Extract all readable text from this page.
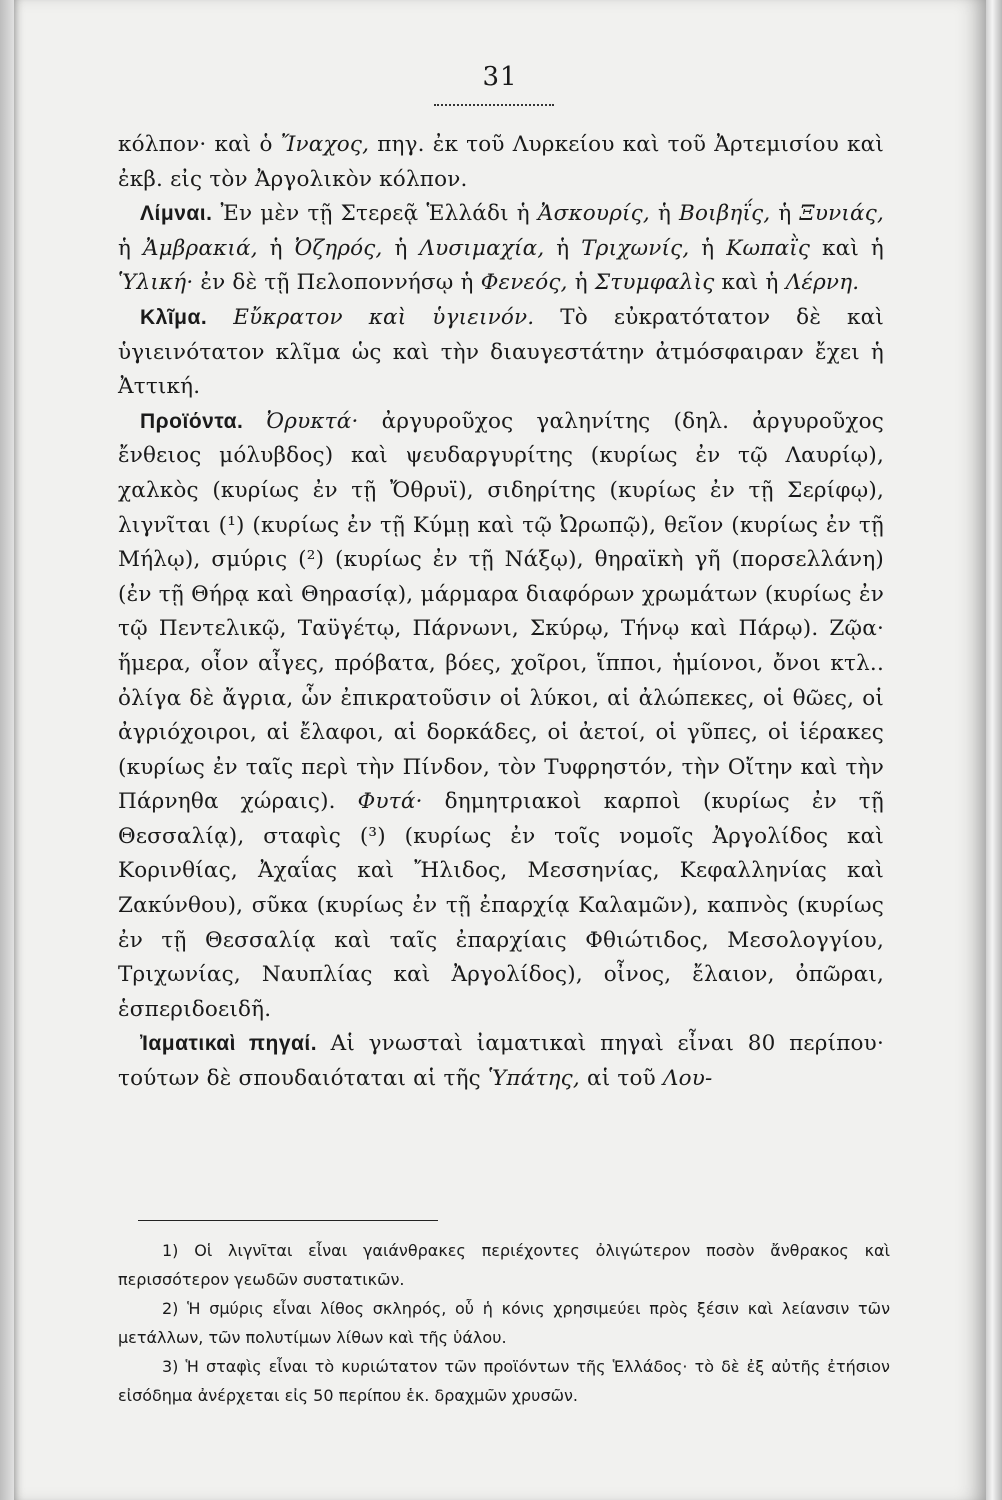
31

κόλπον· καὶ ὁ Ἴναχος, πηγ. ἐκ τοῦ Λυρκείου καὶ τοῦ Ἀρτεμισίου καὶ ἐκβ. εἰς τὸν Ἀργολικὸν κόλπον.

Λίμναι. Ἐν μὲν τῇ Στερεᾷ Ἑλλάδι ἡ Ἀσκουρίς, ἡ Βοιβηΐς, ἡ Ξυνιάς, ἡ Ἀμβρακιά, ἡ Ὀζηρός, ἡ Λυσιμαχία, ἡ Τριχωνίς, ἡ Κωπαῒς καὶ ἡ Ὑλική· ἐν δὲ τῇ Πελοποννήσῳ ἡ Φενεός, ἡ Στυμφαλὶς καὶ ἡ Λέρνη.

Κλῖμα. Εὔκρατον καὶ ὑγιεινόν. Τὸ εὐκρατότατον δὲ καὶ ὑγιεινότατον κλῖμα ὡς καὶ τὴν διαυγεστάτην ἀτμόσφαιραν ἔχει ἡ Ἀττική.

Προϊόντα. Ὀρυκτά· ἀργυροῦχος γαληνίτης (δηλ. ἀργυροῦχος ἔνθειος μόλυβδος) καὶ ψευδαργυρίτης (κυρίως ἐν τῷ Λαυρίῳ), χαλκὸς (κυρίως ἐν τῇ Ὄθρυϊ), σιδηρίτης (κυρίως ἐν τῇ Σερίφῳ), λιγνῖται (¹) (κυρίως ἐν τῇ Κύμῃ καὶ τῷ Ὠρωπῷ), θεῖον (κυρίως ἐν τῇ Μήλῳ), σμύρις (²) (κυρίως ἐν τῇ Νάξῳ), θηραϊκὴ γῆ (πορσελλάνη) (ἐν τῇ Θήρᾳ καὶ Θηρασίᾳ), μάρμαρα διαφόρων χρωμάτων (κυρίως ἐν τῷ Πεντελικῷ, Ταϋγέτῳ, Πάρνωνι, Σκύρῳ, Τήνῳ καὶ Πάρῳ). Ζῷα· ἥμερα, οἷον αἶγες, πρόβατα, βόες, χοῖροι, ἵπποι, ἡμίονοι, ὄνοι κτλ.. ὀλίγα δὲ ἄγρια, ὧν ἐπικρατοῦσιν οἱ λύκοι, αἱ ἀλώπεκες, οἱ θῶες, οἱ ἀγριόχοιροι, αἱ ἔλαφοι, αἱ δορκάδες, οἱ ἀετοί, οἱ γῦπες, οἱ ἱέρακες (κυρίως ἐν ταῖς περὶ τὴν Πίνδον, τὸν Τυφρηστόν, τὴν Οἴτην καὶ τὴν Πάρνηθα χώραις). Φυτά· δημητριακοὶ καρποὶ (κυρίως ἐν τῇ Θεσσαλίᾳ), σταφὶς (³) (κυρίως ἐν τοῖς νομοῖς Ἀργολίδος καὶ Κορινθίας, Ἀχαΐας καὶ Ἤλιδος, Μεσσηνίας, Κεφαλληνίας καὶ Ζακύνθου), σῦκα (κυρίως ἐν τῇ ἐπαρχίᾳ Καλαμῶν), καπνὸς (κυρίως ἐν τῇ Θεσσαλίᾳ καὶ ταῖς ἐπαρχίαις Φθιώτιδος, Μεσολογγίου, Τριχωνίας, Ναυπλίας καὶ Ἀργολίδος), οἶνος, ἔλαιον, ὀπῶραι, ἑσπεριδοειδῆ.

Ἰαματικαὶ πηγαί. Αἱ γνωσταὶ ἰαματικαὶ πηγαὶ εἶναι 80 περίπου· τούτων δὲ σπουδαιόταται αἱ τῆς Ὑπάτης, αἱ τοῦ Λου-

1) Οἱ λιγνῖται εἶναι γαιάνθρακες περιέχοντες ὀλιγώτερον ποσὸν ἄνθρακος καὶ περισσότερον γεωδῶν συστατικῶν.

2) Ἡ σμύρις εἶναι λίθος σκληρός, οὗ ἡ κόνις χρησιμεύει πρὸς ξέσιν καὶ λείανσιν τῶν μετάλλων, τῶν πολυτίμων λίθων καὶ τῆς ὑάλου.

3) Ἡ σταφὶς εἶναι τὸ κυριώτατον τῶν προϊόντων τῆς Ἑλλάδος· τὸ δὲ ἐξ αὐτῆς ἐτήσιον εἰσόδημα ἀνέρχεται εἰς 50 περίπου ἑκ. δραχμῶν χρυσῶν.
